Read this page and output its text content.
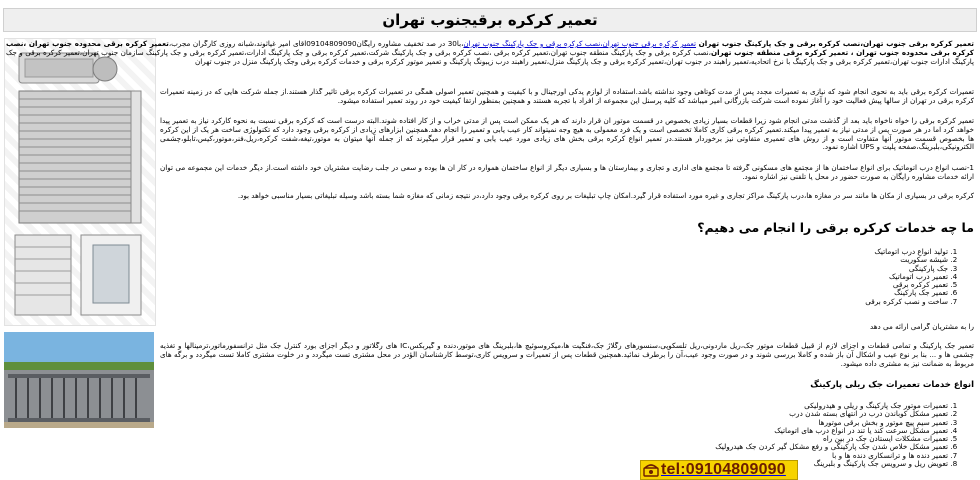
تعمیر کرکره برقیجنوب تهران

تعمیر کرکره برقی جنوب تهران،نصب کرکره برقی و جک پارکینگ جنوب تهران تعمیر کرکره برقی جنوب تهران،نصب کرکره برقی و جک پارکینگ جنوب تهران،با30 در صد تخفیف مشاوره رایگان09104809090آقای امیر غیاثوند،شبانه روزی کارگران مجرب،تعمیر کرکره برقی محدوده جنوب تهران ،نصب کرکره برقی محدوده جنوب تهران ، تعمیر کرکره برقی منطقه جنوب تهران،نصب کرکره برقی و جک پارکینگ منطقه جنوب تهران،تعمیر کرکره برقی ،نصب کرکره برقی و جک پارکینگ شرکت،تعمیر کرکره برقی و جک پارکینگ ادارات،تعمیر کرکره برقی و جک پارکینگ سازمان جنوب تهران،تعمیر کرکره برقی و جک پارکینگ ادارات جنوب تهران،تعمیر کرکره برقی و جک پارکینگ با نرخ اتحادیه،تعمیر راهبند در جنوب تهران،تعمیر کرکره برقی و جک پارکینگ منزل،تعمیر راهبند درب زیبونگ پارکینگ و تعمیر موتور کرکره برقی و خدمات کرکره برقی وجک پارکینگ منزل در جنوب تهران

تعمیرات کرکره برقی باید به نحوی انجام شود که نیازی به تعمیرات مجدد پس از مدت کوتاهی وجود نداشته باشد.استفاده از لوازم یدکی اورجینال و با کیفیت و همچنین تعمیر اصولی همگی در تعمیرات کرکره برقی تاثیر گذار هستند.از جمله شرکت هایی که در زمینه تعمیرات کرکره برقی در تهران از سالها پیش فعالیت خود را آغاز نموده است شرکت بازرگانی امیر میباشد که کلیه پرسنل این مجموعه از افراد با تجربه هستند و همچنین بمنظور ارتقا کیفیت خود در روند تعمیر استفاده میشود.

تعمیر کرکره برقی را خواه ناخواه باید بعد از گذشت مدتی انجام شود زیرا قطعات بسیار زیادی بخصوص در قسمت موتور آن قرار دارند که هر یک ممکن است پس از مدتی خراب و از کار افتاده شوند.البته درست است که کرکره برقی نسبت به نحوه کارکرد نیاز به تعمیر پیدا خواهد کرد اما در هر صورت پس از مدتی نیاز به تعمیر پیدا میکند.تعمیر کرکره برقی کاری کاملا تخصصی است و یک فرد معمولی به هیچ وجه نمیتواند کار عیب یابی و تعمیر را انجام دهد.همچنین ابزارهای زیادی از کرکره برقی وجود دارد که تکنولوژی ساخت هر یک از این کرکره ها بخصوص قسمت موتور آنها متفاوت است و از روش های تعمیری متفاوتی نیز برخوردار هستند.در تعمیر انواع کرکره برقی بخش های زیادی مورد عیب یابی و تعمیر قرار میگیرند که از جمله آنها میتوان به موتور،تیغه،شفت کرکره،ریل،فنر،موتور،کیس،تابلو،چشمی الکترونیکی،بلبرینگ،صفحه پلیت و UPS اشاره نمود.

1-نصب انواع درب اتوماتیک برای انواع ساختمان ها از مجتمع های مسکونی گرفته تا مجتمع های اداری و تجاری و بیمارستان ها و بسیاری دیگر از انواع ساختمان همواره در کار آن ها بوده و سعی در جلب رضایت مشتریان خود داشته است.از دیگر خدمات این مجموعه می توان ارائه خدمات مشاوره رایگان به صورت حضور در محل یا تلفنی نیز اشاره نمود.

کرکره برقی در بسیاری از مکان ها مانند سر در مغازه ها،درب پارکینگ مراکز تجاری و غیره مورد استفاده قرار گیرد.امکان چاپ تبلیغات بر روی کرکره برقی وجود دارد،در نتیجه زمانی که مغازه شما بسته باشد وسیله تبلیغاتی بسیار مناسبی خواهد بود.

ما چه خدمات کرکره برقی را انجام می دهیم؟
1. تولید انواع درب اتوماتیک
2. شیشه سکوریت
3. جک پارکینگی
4. تعمیر درب اتوماتیک
5. تعمیر کرکره برقی
6. تعمیر جک پارکینگ
7. ساخت و نصب کرکره برقی

را به مشتریان گرامی ارائه می دهد

تعمیر جک پارکینگ و تمامی قطعات و اجزای لازم از قبیل قطعات موتور جک،ریل ماردونی،ریل تلسکوپی،سنسورهای رگلاژ جک،فنگیت ها،میکروسوئیچ ها،بلبرینگ های موتور،دنده و گیربکس،IC های رگلاتور و دیگر اجزای بورد کنترل جک مثل ترانسفورماتور،ترمینالها و تغذیه چشمی ها و ... بنا بر نوع عیب و اشکال آن باز شده و کاملا بررسی شوند و در صورت وجود عیب،آن را برطرف نمائید.همچنین قطعات پس از تعمیرات و سرویس کاری،توسط کارشناسان الؤدر در محل مشتری تست میگردد و در خلوت مشتری کاملا تست میگردد و برگه های مربوط به ضمانت نیز به مشتری داده میشود.

انواع خدمات تعمیرات جک ریلی پارکینگ
1. تعمیرات موتور جک پارکینگ و ریلی و هیدرولیکی
2. تعمیر مشکل کوباندن درب در انتهای بسته شدن درب
3. تعمیر سیم پیچ موتور و بخش برقی موتورها
4. تعمیر مشکل سرعت کند یا تند در انواع درب های اتوماتیک
5. تعمیرات مشکلات ایستادن جک در بین راه
6. تعمیر مشکل خلاص شدن جک پارکینگی و رفع مشکل گیر کردن جک هیدرولیک
7. تعمیر دنده ها و ترانسکاری دنده ها و با
8. تعویض ریل و سرویس جک پارکینگ و بلبرینگ
tel:09104809090
